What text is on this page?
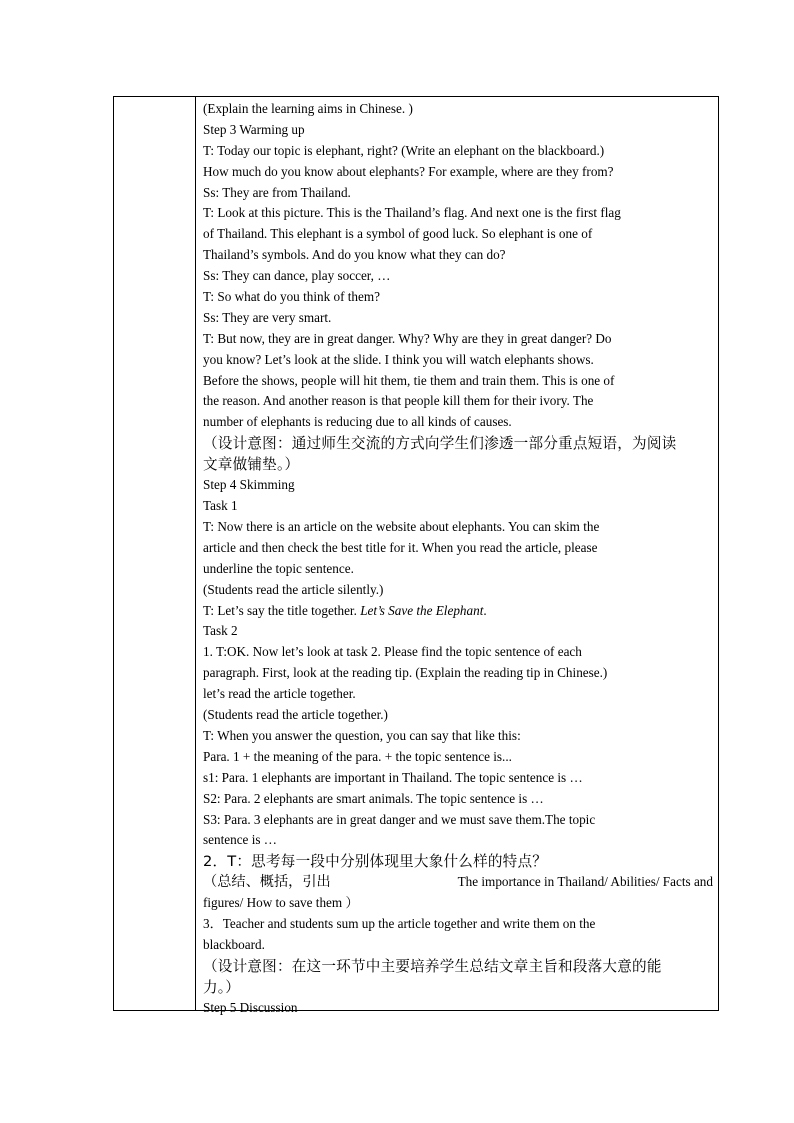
(Explain the learning aims in Chinese. )
Step 3 Warming up
T: Today our topic is elephant, right? (Write an elephant on the blackboard.)
How much do you know about elephants? For example, where are they from?
Ss: They are from Thailand.
T: Look at this picture. This is the Thailand’s flag. And next one is the first flag
of Thailand. This elephant is a symbol of good luck. So elephant is one of
Thailand’s symbols. And do you know what they can do?
Ss: They can dance, play soccer, …
T: So what do you think of them?
Ss: They are very smart.
T: But now, they are in great danger. Why? Why are they in great danger? Do
you know? Let’s look at the slide. I think you will watch elephants shows.
Before the shows, people will hit them, tie them and train them. This is one of
the reason. And another reason is that people kill them for their ivory. The
number of elephants is reducing due to all kinds of causes.
（设计意图：通过师生交流的方式向学生们渗透一部分重点短语，为阅读
文章做铺垫。）
Step 4 Skimming
Task 1
T: Now there is an article on the website about elephants. You can skim the
article and then check the best title for it. When you read the article, please
underline the topic sentence.
(Students read the article silently.)
T: Let’s say the title together. Let’s Save the Elephant.
Task 2
1. T:OK. Now let’s look at task 2. Please find the topic sentence of each
paragraph. First, look at the reading tip. (Explain the reading tip in Chinese.)
let’s read the article together.
(Students read the article together.)
T: When you answer the question, you can say that like this:
Para. 1 + the meaning of the para. + the topic sentence is...
s1: Para. 1 elephants are important in Thailand. The topic sentence is …
S2: Para. 2 elephants are smart animals. The topic sentence is …
S3: Para. 3 elephants are in great danger and we must save them.The topic
sentence is …
2．T：思考每一段中分别体现里大象什么样的特点？
（总结、概括，引出	The importance in Thailand/ Abilities/ Facts and
figures/ How to save them ）
3．Teacher and students sum up the article together and write them on the
blackboard.
（设计意图：在这一环节中主要培养学生总结文章主旨和段落大意的能
力。）
Step 5 Discussion
